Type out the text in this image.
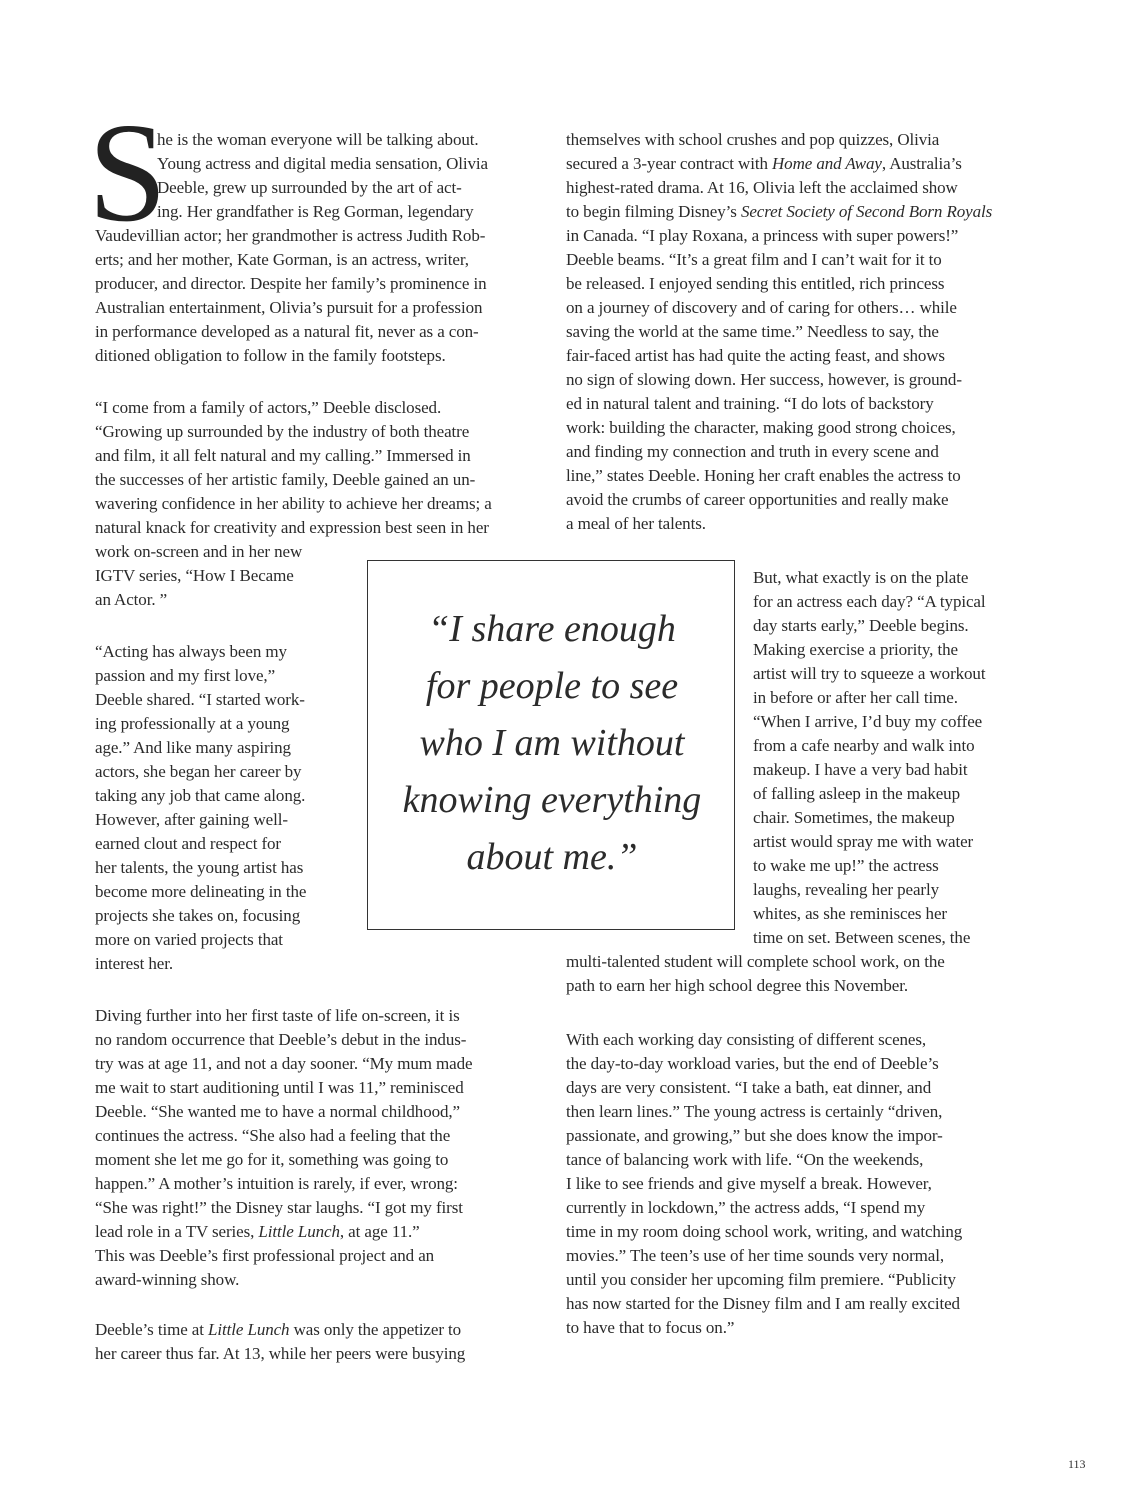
S
he is the woman everyone will be talking about.
Young actress and digital media sensation, Olivia
Deeble, grew up surrounded by the art of act-
ing. Her grandfather is Reg Gorman, legendary
Vaudevillian actor; her grandmother is actress Judith Rob-
erts; and her mother, Kate Gorman, is an actress, writer,
producer, and director. Despite her family’s prominence in
Australian entertainment, Olivia’s pursuit for a profession
in performance developed as a natural fit, never as a con-
ditioned obligation to follow in the family footsteps.
“I come from a family of actors,” Deeble disclosed.
“Growing up surrounded by the industry of both theatre
and film, it all felt natural and my calling.” Immersed in
the successes of her artistic family, Deeble gained an un-
wavering confidence in her ability to achieve her dreams; a
natural knack for creativity and expression best seen in her
work on-screen and in her new
IGTV series, “How I Became
an Actor. ”
“Acting has always been my
passion and my first love,”
Deeble shared. “I started work-
ing professionally at a young
age.” And like many aspiring
actors, she began her career by
taking any job that came along.
However, after gaining well-
earned clout and respect for
her talents, the young artist has
become more delineating in the
projects she takes on, focusing
more on varied projects that
interest her.
Diving further into her first taste of life on-screen, it is
no random occurrence that Deeble’s debut in the indus-
try was at age 11, and not a day sooner. “My mum made
me wait to start auditioning until I was 11,” reminisced
Deeble. “She wanted me to have a normal childhood,”
continues the actress. “She also had a feeling that the
moment she let me go for it, something was going to
happen.” A mother’s intuition is rarely, if ever, wrong:
“She was right!” the Disney star laughs. “I got my first
lead role in a TV series, Little Lunch, at age 11.”
This was Deeble’s first professional project and an
award-winning show.
Deeble’s time at Little Lunch was only the appetizer to
her career thus far. At 13, while her peers were busying
themselves with school crushes and pop quizzes, Olivia
secured a 3-year contract with Home and Away, Australia’s
highest-rated drama. At 16, Olivia left the acclaimed show
to begin filming Disney’s Secret Society of Second Born Royals
in Canada. “I play Roxana, a princess with super powers!”
Deeble beams. “It’s a great film and I can’t wait for it to
be released. I enjoyed sending this entitled, rich princess
on a journey of discovery and of caring for others… while
saving the world at the same time.” Needless to say, the
fair-faced artist has had quite the acting feast, and shows
no sign of slowing down. Her success, however, is ground-
ed in natural talent and training. “I do lots of backstory
work: building the character, making good strong choices,
and finding my connection and truth in every scene and
line,” states Deeble. Honing her craft enables the actress to
avoid the crumbs of career opportunities and really make
a meal of her talents.
But, what exactly is on the plate
for an actress each day? “A typical
day starts early,” Deeble begins.
Making exercise a priority, the
artist will try to squeeze a workout
in before or after her call time.
“When I arrive, I’d buy my coffee
from a cafe nearby and walk into
makeup. I have a very bad habit
of falling asleep in the makeup
chair. Sometimes, the makeup
artist would spray me with water
to wake me up!” the actress
laughs, revealing her pearly
whites, as she reminisces her
time on set. Between scenes, the
multi-talented student will complete school work, on the
path to earn her high school degree this November.
With each working day consisting of different scenes,
the day-to-day workload varies, but the end of Deeble’s
days are very consistent. “I take a bath, eat dinner, and
then learn lines.” The young actress is certainly “driven,
passionate, and growing,” but she does know the impor-
tance of balancing work with life. “On the weekends,
I like to see friends and give myself a break. However,
currently in lockdown,” the actress adds, “I spend my
time in my room doing school work, writing, and watching
movies.” The teen’s use of her time sounds very normal,
until you consider her upcoming film premiere. “Publicity
has now started for the Disney film and I am really excited
to have that to focus on.”
“I share enough
for people to see
who I am without
knowing everything
about me.”
113
